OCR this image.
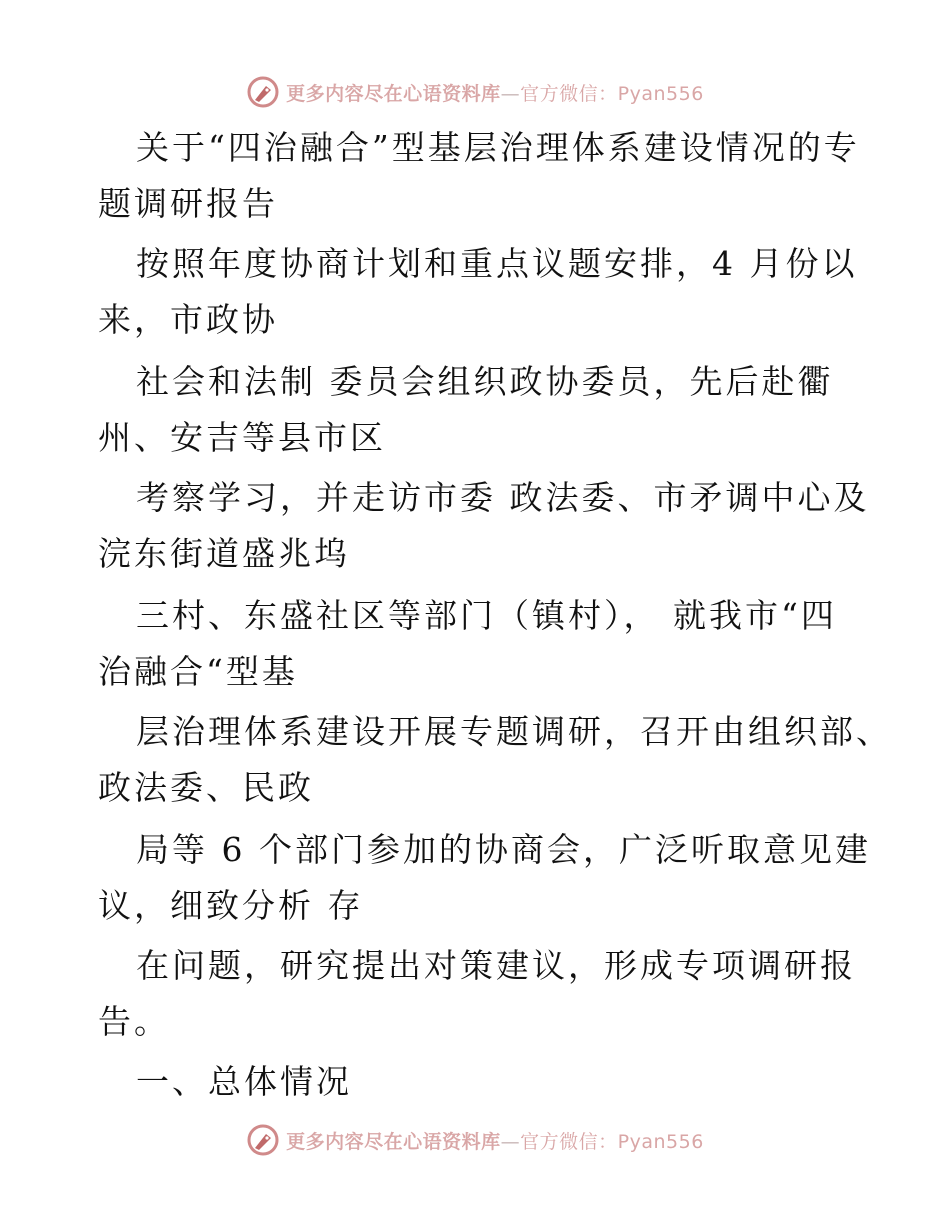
更多内容尽在心语资料库—官方微信：Pyan556
关于“四治融合”型基层治理体系建设情况的专
题调研报告
按照年度协商计划和重点议题安排，4 月份以
来，市政协
社会和法制 委员会组织政协委员，先后赴衢
州、安吉等县市区
考察学习，并走访市委 政法委、市矛调中心及
浣东街道盛兆坞
三村、东盛社区等部门（镇村）， 就我市“四
治融合“型基
层治理体系建设开展专题调研，召开由组织部、
政法委、民政
局等 6 个部门参加的协商会，广泛听取意见建
议，细致分析 存
在问题，研究提出对策建议，形成专项调研报
告。
一、总体情况
更多内容尽在心语资料库—官方微信：Pyan556
